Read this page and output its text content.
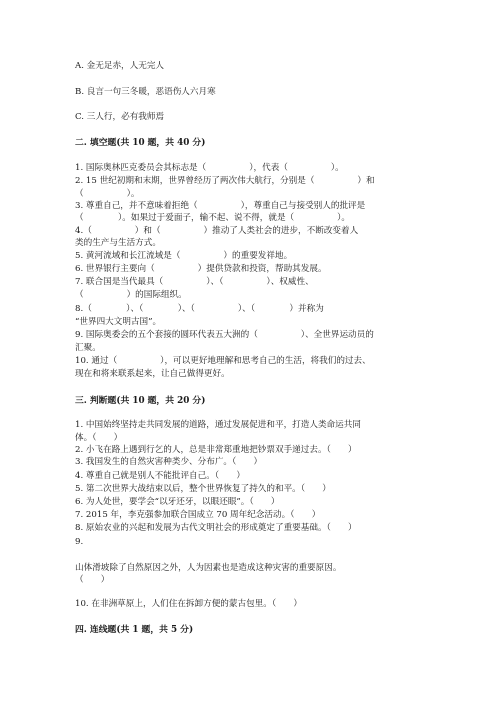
A. 金无足赤，人无完人
B. 良言一句三冬暖，恶语伤人六月寒
C. 三人行，必有我师焉
二. 填空题(共 10 题，共 40 分)
1. 国际奥林匹克委员会其标志是（　　　　　），代表（　　　　　）。
2. 15 世纪初期和末期，世界曾经历了两次伟大航行，分别是（　　　　　）和
（　　　　　）。
3. 尊重自己，并不意味着拒绝（　　　　　），尊重自己与接受别人的批评是
（　　　　）。如果过于爱面子，输不起、说不得，就是（　　　　　）。
4.（　　　　　）和（　　　　　）推动了人类社会的进步，不断改变着人
类的生产与生活方式。
5. 黄河流域和长江流域是（　　　　　）的重要发祥地。
6. 世界银行主要向（　　　　　）提供贷款和投资，帮助其发展。
7. 联合国是当代最具（　　　　　）、（　　　　　）、权威性、
（　　　　　）的国际组织。
8.（　　　　）、（　　　　）、（　　　　　）、（　　　　）并称为
“世界四大文明古国”。
9. 国际奥委会的五个套接的圆环代表五大洲的（　　　　　）、全世界运动员的
汇聚。
10. 通过（　　　　　），可以更好地理解和思考自己的生活，将我们的过去、
现在和将来联系起来，让自己做得更好。
三. 判断题(共 10 题，共 20 分)
1. 中国始终坚持走共同发展的道路，通过发展促进和平，打造人类命运共同
体。（　　）
2. 小飞在路上遇到行乞的人，总是非常郑重地把钞票双手递过去。（　　）
3. 我国发生的自然灾害种类少、分布广。（　　）
4. 尊重自己就是别人不能批评自己。（　　）
5. 第二次世界大战结束以后，整个世界恢复了持久的和平。（　　）
6. 为人处世，要学会“以牙还牙，以眼还眼”。（　　）
7. 2015 年，李克强参加联合国成立 70 周年纪念活动。（　　）
8. 原始农业的兴起和发展为古代文明社会的形成奠定了重要基础。（　　）
9.
山体滑坡除了自然原因之外，人为因素也是造成这种灾害的重要原因。
（　　）
10. 在非洲草原上，人们住在拆卸方便的蒙古包里。（　　）
四. 连线题(共 1 题，共 5 分)
